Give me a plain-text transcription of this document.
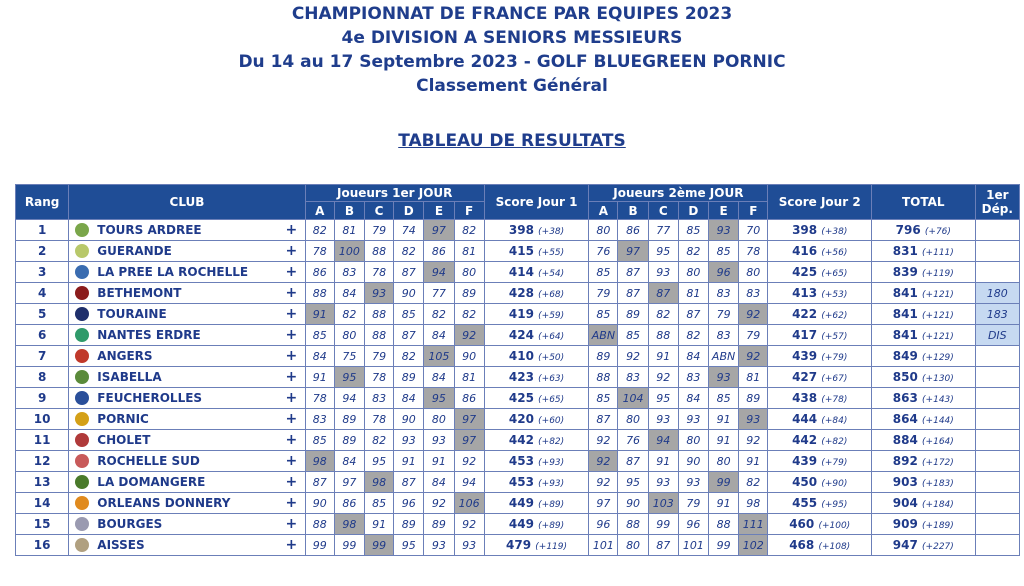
CHAMPIONNAT DE FRANCE PAR EQUIPES 2023
4e DIVISION A SENIORS MESSIEURS
Du 14 au 17 Septembre 2023 - GOLF BLUEGREEN PORNIC
Classement Général
TABLEAU DE RESULTATS
Rang	CLUB		Joueurs 1er JOUR						Score Jour 1	Joueurs 2ème JOUR						Score Jour 2	TOTAL	1er Dép.
			A	B	C	D	E	F		A	B	C	D	E	F			
1	TOURS ARDREE	+	82	81	79	74	97	82	398 (+38)	80	86	77	85	93	70	398 (+38)	796 (+76)	
2	GUERANDE	+	78	100	88	82	86	81	415 (+55)	76	97	95	82	85	78	416 (+56)	831 (+111)	
3	LA PREE LA ROCHELLE	+	86	83	78	87	94	80	414 (+54)	85	87	93	80	96	80	425 (+65)	839 (+119)	
4	BETHEMONT	+	88	84	93	90	77	89	428 (+68)	79	87	87	81	83	83	413 (+53)	841 (+121)	180
5	TOURAINE	+	91	82	88	85	82	82	419 (+59)	85	89	82	87	79	92	422 (+62)	841 (+121)	183
6	NANTES ERDRE	+	85	80	88	87	84	92	424 (+64)	ABN	85	88	82	83	79	417 (+57)	841 (+121)	DIS
7	ANGERS	+	84	75	79	82	105	90	410 (+50)	89	92	91	84	ABN	92	439 (+79)	849 (+129)	
8	ISABELLA	+	91	95	78	89	84	81	423 (+63)	88	83	92	83	93	81	427 (+67)	850 (+130)	
9	FEUCHEROLLES	+	78	94	83	84	95	86	425 (+65)	85	104	95	84	85	89	438 (+78)	863 (+143)	
10	PORNIC	+	83	89	78	90	80	97	420 (+60)	87	80	93	93	91	93	444 (+84)	864 (+144)	
11	CHOLET	+	85	89	82	93	93	97	442 (+82)	92	76	94	80	91	92	442 (+82)	884 (+164)	
12	ROCHELLE SUD	+	98	84	95	91	91	92	453 (+93)	92	87	91	90	80	91	439 (+79)	892 (+172)	
13	LA DOMANGERE	+	87	97	98	87	84	94	453 (+93)	92	95	93	93	99	82	450 (+90)	903 (+183)	
14	ORLEANS DONNERY	+	90	86	85	96	92	106	449 (+89)	97	90	103	79	91	98	455 (+95)	904 (+184)	
15	BOURGES	+	88	98	91	89	89	92	449 (+89)	96	88	99	96	88	111	460 (+100)	909 (+189)	
16	AISSES	+	99	99	99	95	93	93	479 (+119)	101	80	87	101	99	102	468 (+108)	947 (+227)	
